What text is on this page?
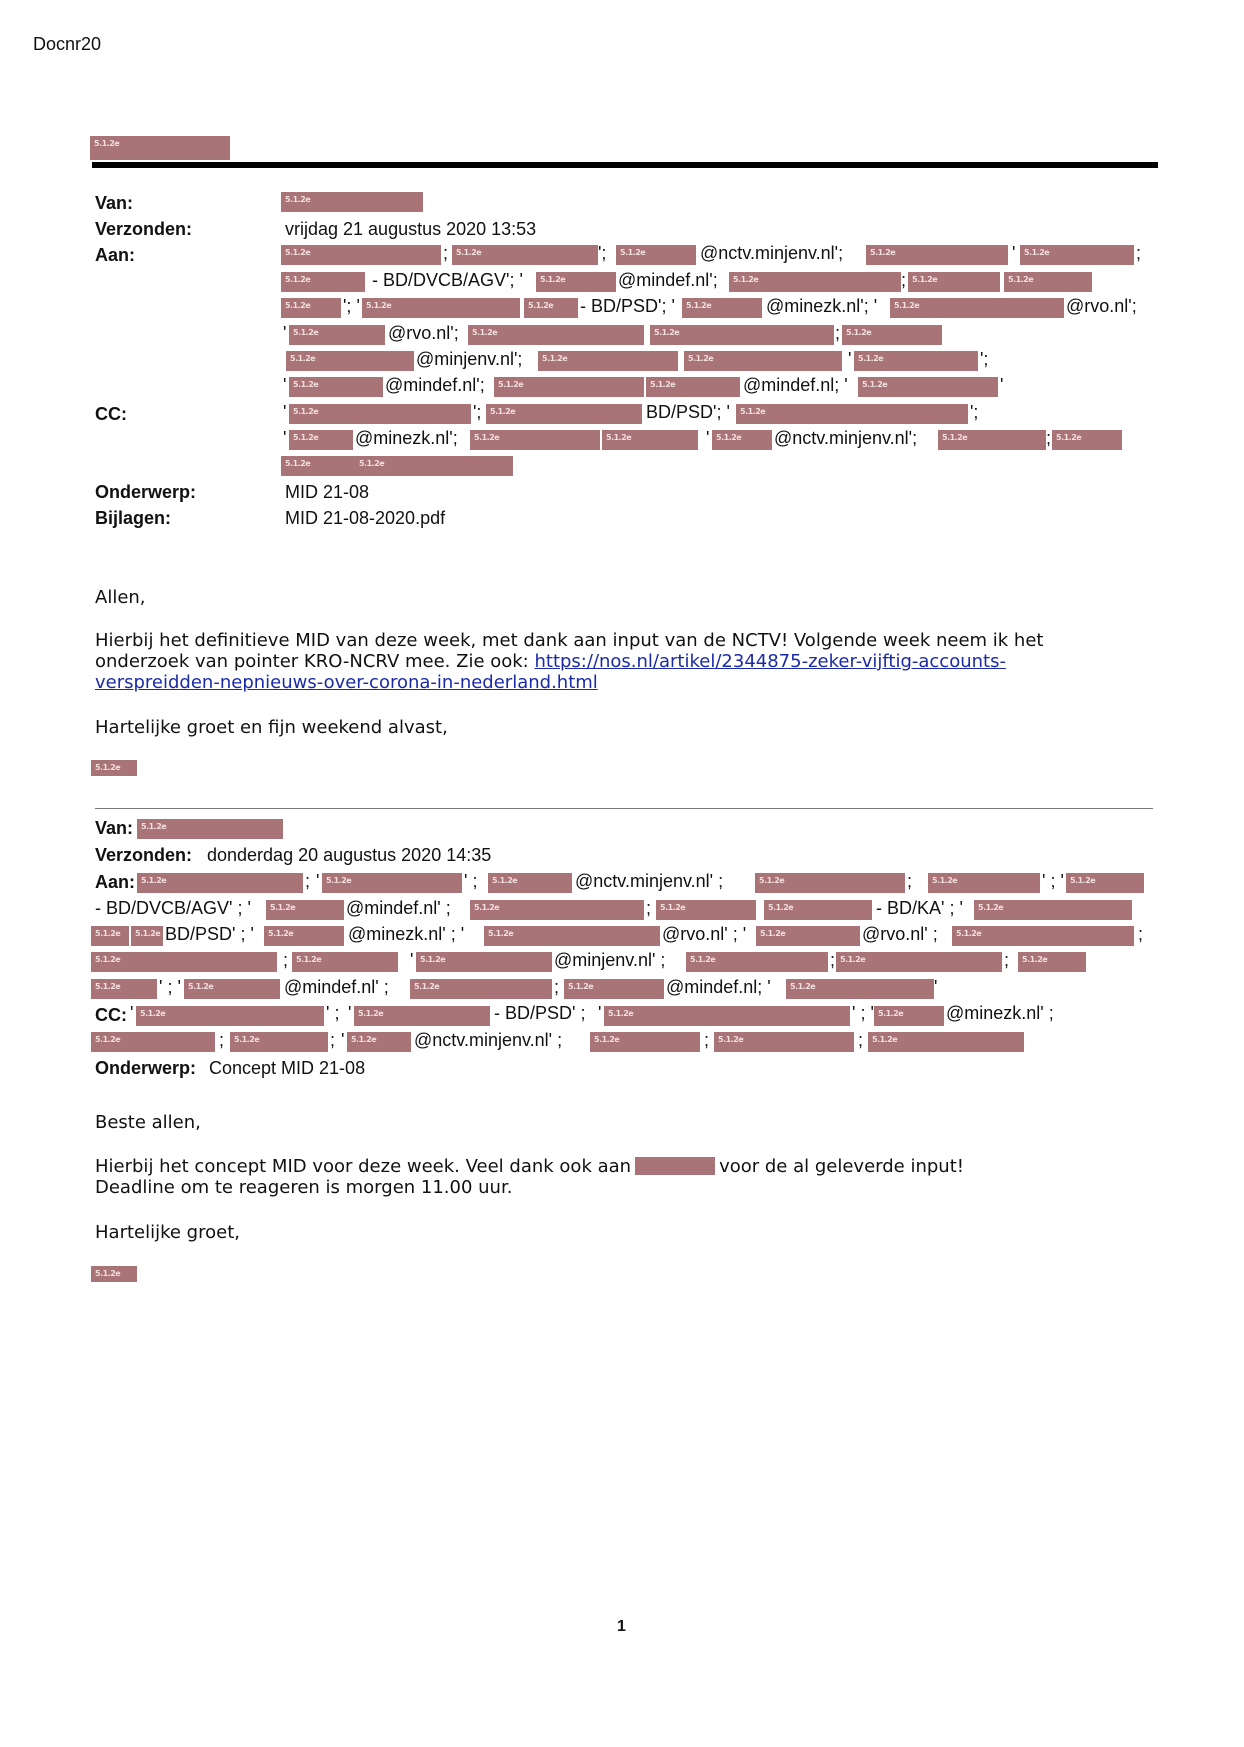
Docnr20
5.1.2e
Van:	5.1.2e
Verzonden:	vrijdag 21 augustus 2020 13:53
Aan:	5.1.2e	; 5.1.2e	'; 5.1.2e	@nctv.minjenv.nl';	5.1.2e	' 5.1.2e	;
5.1.2e	- BD/DVCB/AGV'; ' 5.1.2e	@mindef.nl'; 5.1.2e	; 5.1.2e	5.1.2e
5.1.2e '; ' 5.1.2e	5.1.2e - BD/PSD'; ' 5.1.2e	@minezk.nl'; ' 5.1.2e	@rvo.nl';
' 5.1.2e	@rvo.nl'; 5.1.2e	5.1.2e	; 5.1.2e
5.1.2e	@minjenv.nl'; 5.1.2e	5.1.2e	' 5.1.2e	';
' 5.1.2e	@mindef.nl'; 5.1.2e	5.1.2e	@mindef.nl; ' 5.1.2e	'
CC:	' 5.1.2e	'; 5.1.2e	BD/PSD'; ' 5.1.2e	';
' 5.1.2e @minezk.nl'; 5.1.2e	5.1.2e	' 5.1.2e @nctv.minjenv.nl';	5.1.2e	; 5.1.2e
5.1.2e	5.1.2e
Onderwerp:	MID 21-08
Bijlagen:	MID 21-08-2020.pdf
Allen,
Hierbij het definitieve MID van deze week, met dank aan input van de NCTV! Volgende week neem ik het
onderzoek van pointer KRO-NCRV mee. Zie ook: https://nos.nl/artikel/2344875-zeker-vijftig-accounts-
verspreidden-nepnieuws-over-corona-in-nederland.html
Hartelijke groet en fijn weekend alvast,
5.1.2e
Van: 5.1.2e
Verzonden: donderdag 20 augustus 2020 14:35
Aan: 5.1.2e	; ' 5.1.2e	' ; 5.1.2e	@nctv.minjenv.nl' ;	5.1.2e	; 5.1.2e	' ; ' 5.1.2e
- BD/DVCB/AGV' ; ' 5.1.2e	@mindef.nl' ;	5.1.2e	; 5.1.2e	5.1.2e	- BD/KA' ; ' 5.1.2e
5.1.2e 5.1.2e BD/PSD' ; ' 5.1.2e	@minezk.nl' ; '	5.1.2e	@rvo.nl' ; ' 5.1.2e	@rvo.nl' ; 5.1.2e	;
5.1.2e	; 5.1.2e	' 5.1.2e	@minjenv.nl' ;	5.1.2e	; 5.1.2e	; 5.1.2e
5.1.2e ' ; ' 5.1.2e	@mindef.nl' ;	5.1.2e	; 5.1.2e	@mindef.nl; ' 5.1.2e	'
CC: ' 5.1.2e	' ; ' 5.1.2e	- BD/PSD' ; ' 5.1.2e	' ; ' 5.1.2e @minezk.nl' ;
5.1.2e	; 5.1.2e	; ' 5.1.2e @nctv.minjenv.nl' ;	5.1.2e	; 5.1.2e	; 5.1.2e
Onderwerp: Concept MID 21-08
Beste allen,
Hierbij het concept MID voor deze week. Veel dank ook aan	voor de al geleverde input!
Deadline om te reageren is morgen 11.00 uur.
Hartelijke groet,
5.1.2e
1
